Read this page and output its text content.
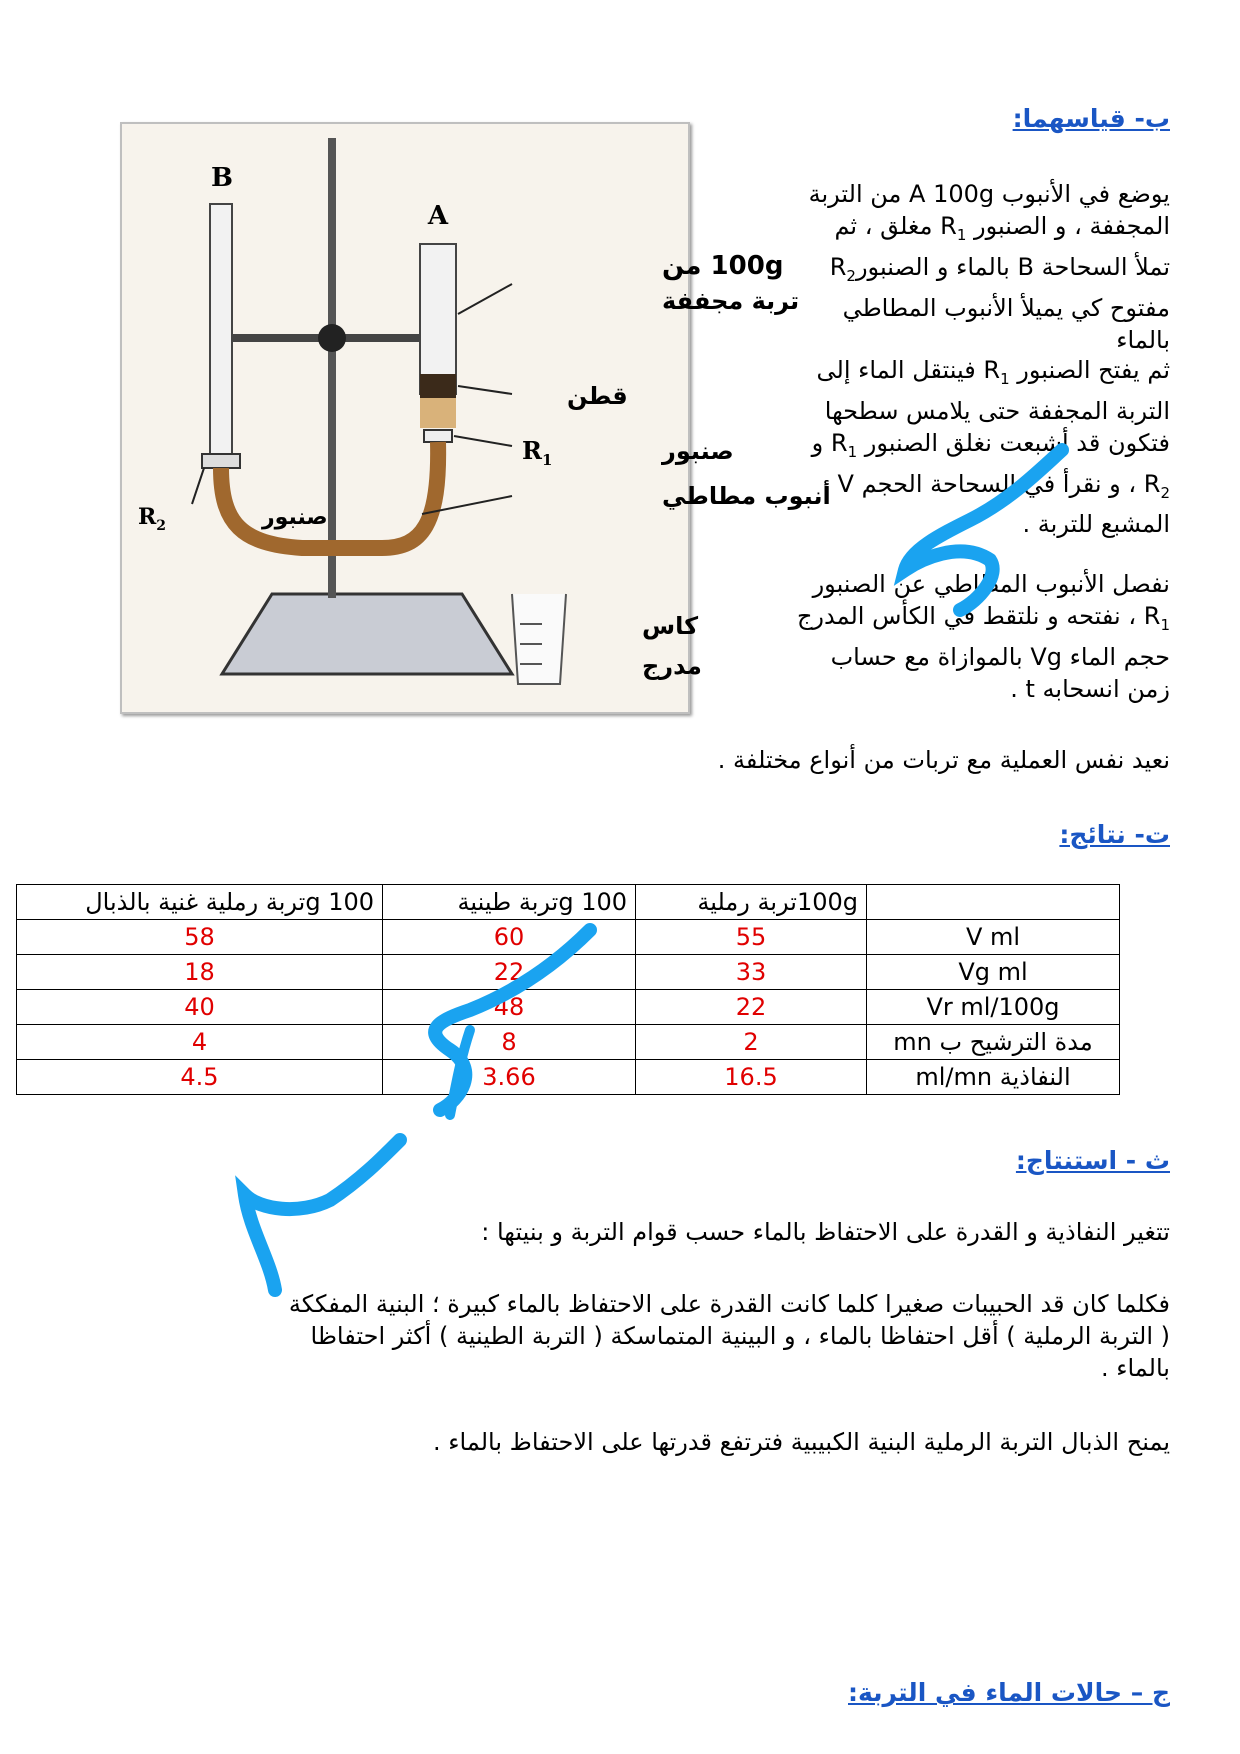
ب- قياسهما:

يوضع في الأنبوب A 100g من التربة

المجففة ، و الصنبور $R_1$ مغلق ، ثم

تملأ السحاحة B بالماء و الصنبورR$_2$

مفتوح كي يميلأ الأنبوب المطاطي

بالماء

ثم يفتح الصنبور $R_1$ فينتقل الماء إلى

التربة المجففة حتى يلامس سطحها

فتكون قد أشبعت نغلق الصنبور $R_1$ و

$R_2$ ، و نقرأ في السحاحة الحجم V

المشبع للتربة .

نفصل الأنبوب المطاطي عن الصنبور

$R_1$ ، نفتحه و نلتقط في الكأس المدرج

حجم الماء Vg بالموازاة مع حساب

زمن انسحابه t .

نعيد نفس العملية مع تربات من أنواع مختلفة .
B
A
100g من
تربة مجففة
قطن
صنبور
$R_1$
أنبوب مطاطي
$R_2$	صنبور
كاس
مدرج
ت- نتائج:
	100gتربة رملية	100 gتربة طينية	100 gتربة رملية غنية بالذبال
V ml	55	60	58
Vg ml	33	22	18
Vr ml/100g	22	48	40
مدة الترشيح ب mn	2	8	4
النفاذية ml/mn	16.5	3.66	4.5
ث - استنتاج:
تتغير النفاذية و القدرة على الاحتفاظ بالماء حسب قوام التربة و بنيتها :

فكلما كان قد الحبيبات صغيرا كلما كانت القدرة على الاحتفاظ بالماء كبيرة ؛ البنية المفككة

( التربة الرملية ) أقل احتفاظا بالماء ، و البينية المتماسكة ( التربة الطينية ) أكثر احتفاظا

بالماء .

يمنح الذبال التربة الرملية البنية الكبيبية فترتفع قدرتها على الاحتفاظ بالماء .
ج – حالات الماء في التربة:
